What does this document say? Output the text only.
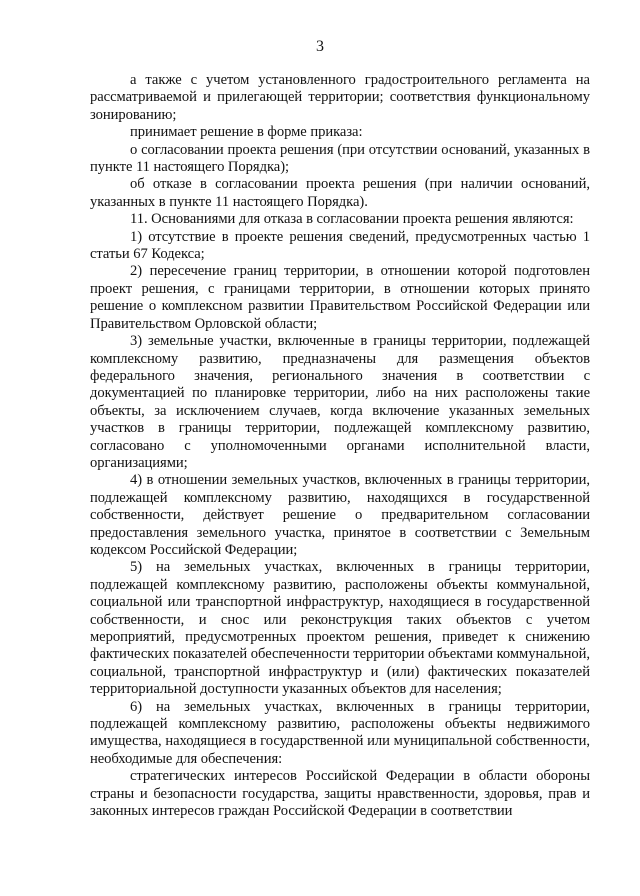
3

а также с учетом установленного градостроительного регламента на рассматриваемой и прилегающей территории; соответствия функциональному зонированию;

принимает решение в форме приказа:

о согласовании проекта решения (при отсутствии оснований, указанных в пункте 11 настоящего Порядка);

об отказе в согласовании проекта решения (при наличии оснований, указанных в пункте 11 настоящего Порядка).

11. Основаниями для отказа в согласовании проекта решения являются:

1) отсутствие в проекте решения сведений, предусмотренных частью 1 статьи 67 Кодекса;

2) пересечение границ территории, в отношении которой подготовлен проект решения, с границами территории, в отношении которых принято решение о комплексном развитии Правительством Российской Федерации или Правительством Орловской области;

3) земельные участки, включенные в границы территории, подлежащей комплексному развитию, предназначены для размещения объектов федерального значения, регионального значения в соответствии с документацией по планировке территории, либо на них расположены такие объекты, за исключением случаев, когда включение указанных земельных участков в границы территории, подлежащей комплексному развитию, согласовано с уполномоченными органами исполнительной власти, организациями;

4) в отношении земельных участков, включенных в границы территории, подлежащей комплексному развитию, находящихся в государственной собственности, действует решение о предварительном согласовании предоставления земельного участка, принятое в соответствии с Земельным кодексом Российской Федерации;

5) на земельных участках, включенных в границы территории, подлежащей комплексному развитию, расположены объекты коммунальной, социальной или транспортной инфраструктур, находящиеся в государственной собственности, и снос или реконструкция таких объектов с учетом мероприятий, предусмотренных проектом решения, приведет к снижению фактических показателей обеспеченности территории объектами коммунальной, социальной, транспортной инфраструктур и (или) фактических показателей территориальной доступности указанных объектов для населения;

6) на земельных участках, включенных в границы территории, подлежащей комплексному развитию, расположены объекты недвижимого имущества, находящиеся в государственной или муниципальной собственности, необходимые для обеспечения:

стратегических интересов Российской Федерации в области обороны страны и безопасности государства, защиты нравственности, здоровья, прав и законных интересов граждан Российской Федерации в соответствии
